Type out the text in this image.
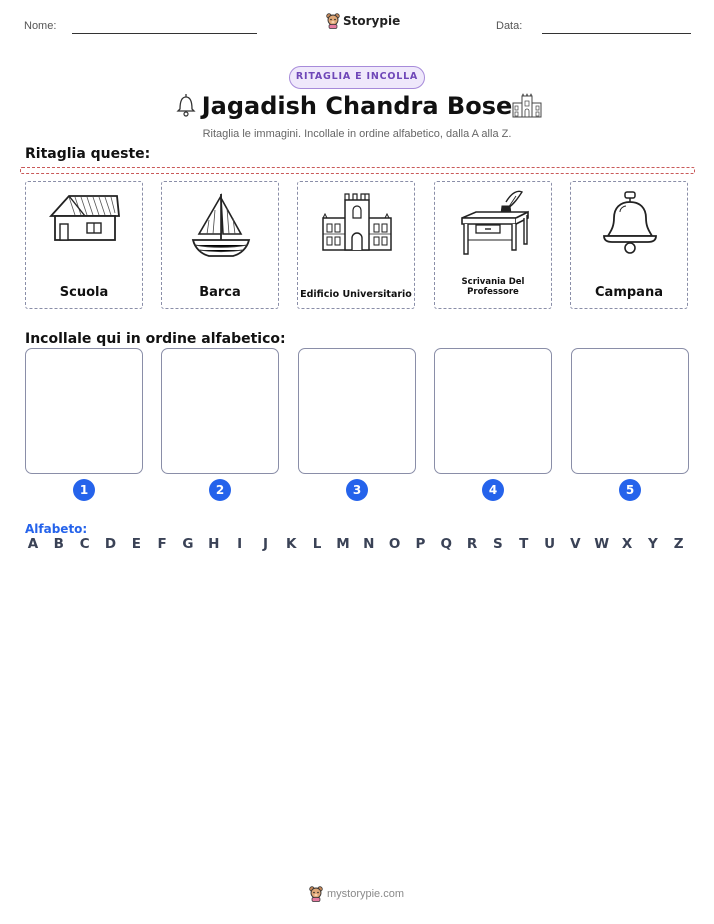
Nome:	Storypie	Data:
RITAGLIA E INCOLLA
Jagadish Chandra Bose
Ritaglia le immagini. Incollale in ordine alfabetico, dalla A alla Z.
Ritaglia queste:
Scuola	Barca	Edificio Universitario
Scrivania Del Professore	Campana
Incollale qui in ordine alfabetico:
1	2	3	4	5
Alfabeto:
A B C D E F G H	I	J	K L M N O P Q R S T U V W X Y Z
mystorypie.com
